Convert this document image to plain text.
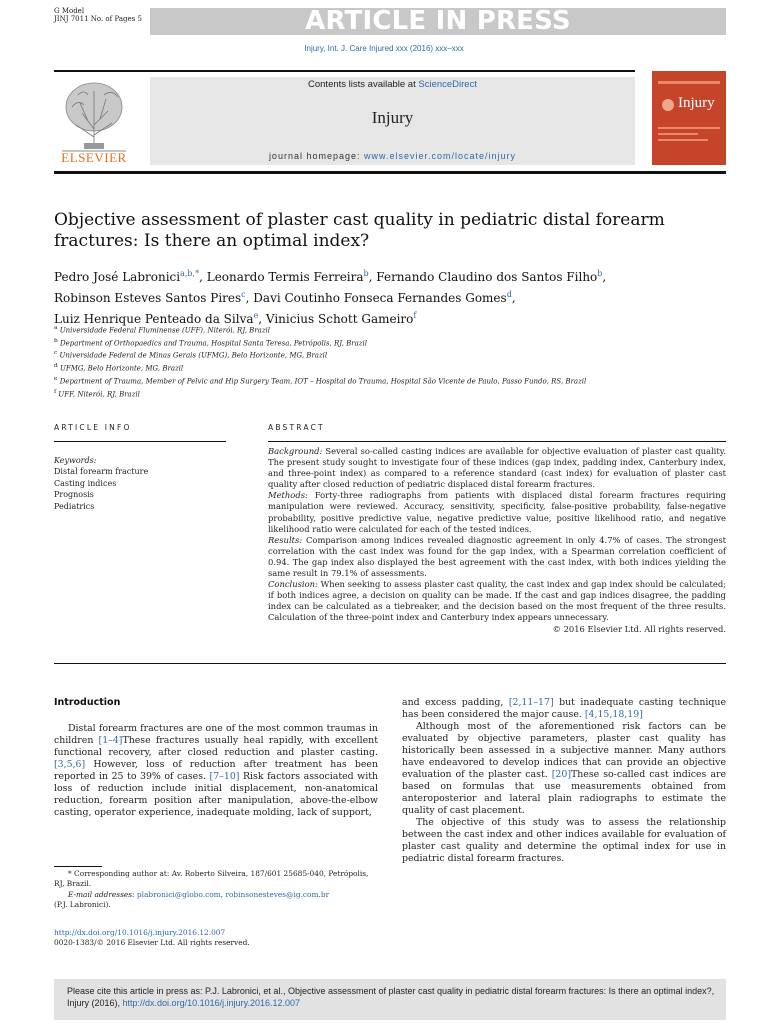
G Model
JINJ 7011 No. of Pages 5	ARTICLE IN PRESS
Injury, Int. J. Care Injured xxx (2016) xxx–xxx
Contents lists available at ScienceDirect
Injury
journal homepage: www.elsevier.com/locate/injury
ELSEVIER
Injury
Objective assessment of plaster cast quality in pediatric distal forearm fractures: Is there an optimal index?
Pedro José Labronici$^{a,b,*}$, Leonardo Termis Ferreira$^b$, Fernando Claudino dos Santos Filho$^b$,
Robinson Esteves Santos Pires$^c$, Davi Coutinho Fonseca Fernandes Gomes$^d$,
Luiz Henrique Penteado da Silva$^e$, Vinicius Schott Gameiro$^f$
$^a$ Universidade Federal Fluminense (UFF), Niterói, RJ, Brazil
$^b$ Department of Orthopaedics and Trauma, Hospital Santa Teresa, Petrópolis, RJ, Brazil
$^c$ Universidade Federal de Minas Gerais (UFMG), Belo Horizonte, MG, Brazil
$^d$ UFMG, Belo Horizonte, MG, Brazil
$^e$ Department of Trauma, Member of Pelvic and Hip Surgery Team, IOT – Hospital do Trauma, Hospital São Vicente de Paulo, Passo Fundo, RS, Brazil
$^f$ UFF, Niterói, RJ, Brazil
ARTICLE INFO	ABSTRACT
Keywords:
Distal forearm fracture
Casting indices
Prognosis
Pediatrics

Background: Several so-called casting indices are available for objective evaluation of plaster cast quality. The present study sought to investigate four of these indices (gap index, padding index, Canterbury index, and three-point index) as compared to a reference standard (cast index) for evaluation of plaster cast quality after closed reduction of pediatric displaced distal forearm fractures.

Methods: Forty-three radiographs from patients with displaced distal forearm fractures requiring manipulation were reviewed. Accuracy, sensitivity, specificity, false-positive probability, false-negative probability, positive predictive value, negative predictive value, positive likelihood ratio, and negative likelihood ratio were calculated for each of the tested indices.

Results: Comparison among indices revealed diagnostic agreement in only 4.7% of cases. The strongest correlation with the cast index was found for the gap index, with a Spearman correlation coefficient of 0.94. The gap index also displayed the best agreement with the cast index, with both indices yielding the same result in 79.1% of assessments.

Conclusion: When seeking to assess plaster cast quality, the cast index and gap index should be calculated; if both indices agree, a decision on quality can be made. If the cast and gap indices disagree, the padding index can be calculated as a tiebreaker, and the decision based on the most frequent of the three results. Calculation of the three-point index and Canterbury index appears unnecessary.

© 2016 Elsevier Ltd. All rights reserved.

Introduction

Distal forearm fractures are one of the most common traumas in children [1–4]These fractures usually heal rapidly, with excellent functional recovery, after closed reduction and plaster casting. [3,5,6] However, loss of reduction after treatment has been reported in 25 to 39% of cases. [7–10] Risk factors associated with loss of reduction include initial displacement, non-anatomical reduction, forearm position after manipulation, above-the-elbow casting, operator experience, inadequate molding, lack of support,

and excess padding, [2,11–17] but inadequate casting technique has been considered the major cause. [4,15,18,19]

Although most of the aforementioned risk factors can be evaluated by objective parameters, plaster cast quality has historically been assessed in a subjective manner. Many authors have endeavored to develop indices that can provide an objective evaluation of the plaster cast. [20]These so-called cast indices are based on formulas that use measurements obtained from anteroposterior and lateral plain radiographs to estimate the quality of cast placement.

The objective of this study was to assess the relationship between the cast index and other indices available for evaluation of plaster cast quality and determine the optimal index for use in pediatric distal forearm fractures.

* Corresponding author at: Av. Roberto Silveira, 187/601 25685-040, Petrópolis, RJ, Brazil.

E-mail addresses: plabronici@globo.com, robinsonesteves@ig.com.br

(P.J. Labronici).

http://dx.doi.org/10.1016/j.injury.2016.12.007
0020-1383/© 2016 Elsevier Ltd. All rights reserved.
Please cite this article in press as: P.J. Labronici, et al., Objective assessment of plaster cast quality in pediatric distal forearm fractures: Is there an optimal index?, Injury (2016), http://dx.doi.org/10.1016/j.injury.2016.12.007
